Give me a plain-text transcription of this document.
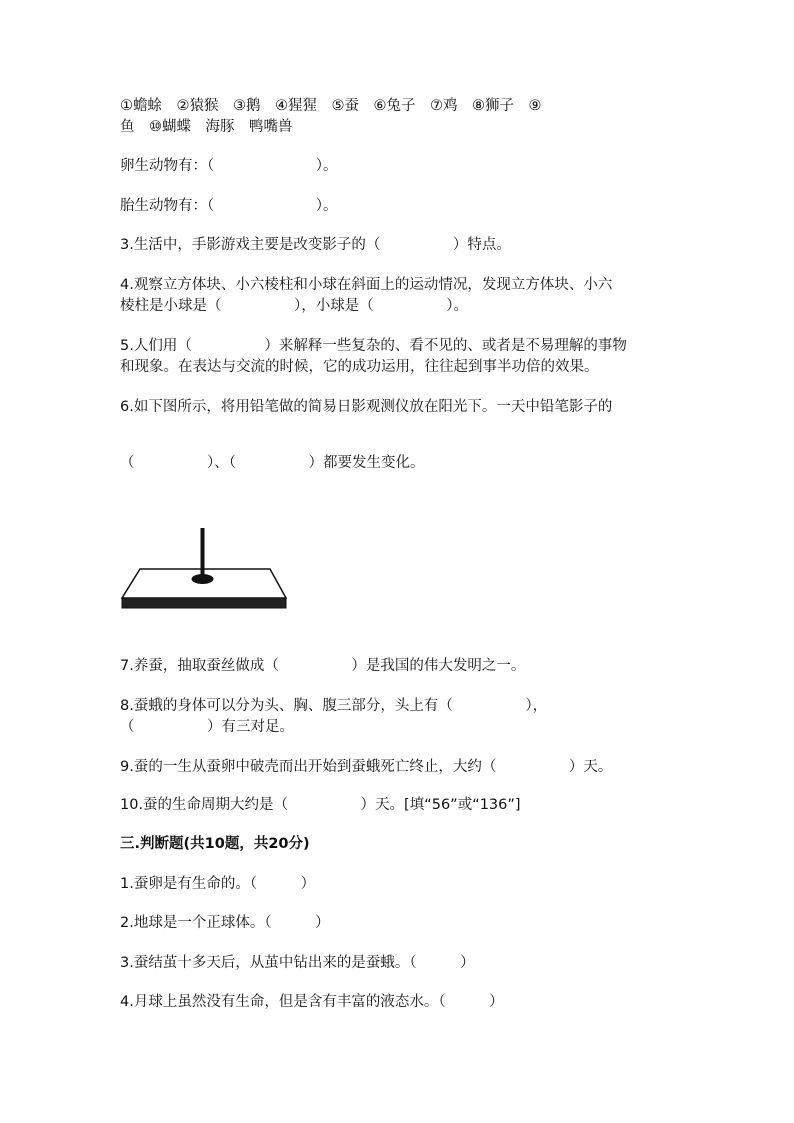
①蟾蜍　②猿猴　③鹅　④猩猩　⑤蚕　⑥兔子　⑦鸡　⑧狮子　⑨
鱼　⑩蝴蝶　海豚　鸭嘴兽
卵生动物有：（　　　　　　　）。
胎生动物有：（　　　　　　　）。
3.生活中，手影游戏主要是改变影子的（　　　　　）特点。
4.观察立方体块、小六棱柱和小球在斜面上的运动情况，发现立方体块、小六
棱柱是小球是（　　　　　），小球是（　　　　　）。
5.人们用（　　　　　）来解释一些复杂的、看不见的、或者是不易理解的事物
和现象。在表达与交流的时候，它的成功运用，往往起到事半功倍的效果。
6.如下图所示，将用铅笔做的简易日影观测仪放在阳光下。一天中铅笔影子的
（　　　　　）、（　　　　　）都要发生变化。
7.养蚕，抽取蚕丝做成（　　　　　）是我国的伟大发明之一。
8.蚕蛾的身体可以分为头、胸、腹三部分，头上有（　　　　　），
（　　　　　）有三对足。
9.蚕的一生从蚕卵中破壳而出开始到蚕蛾死亡终止，大约（　　　　　）天。
10.蚕的生命周期大约是（　　　　　）天。[填“56”或“136”]
三.判断题(共10题，共20分)
1.蚕卵是有生命的。（　　　）
2.地球是一个正球体。（　　　）
3.蚕结茧十多天后，从茧中钻出来的是蚕蛾。（　　　）
4.月球上虽然没有生命，但是含有丰富的液态水。（　　　）
